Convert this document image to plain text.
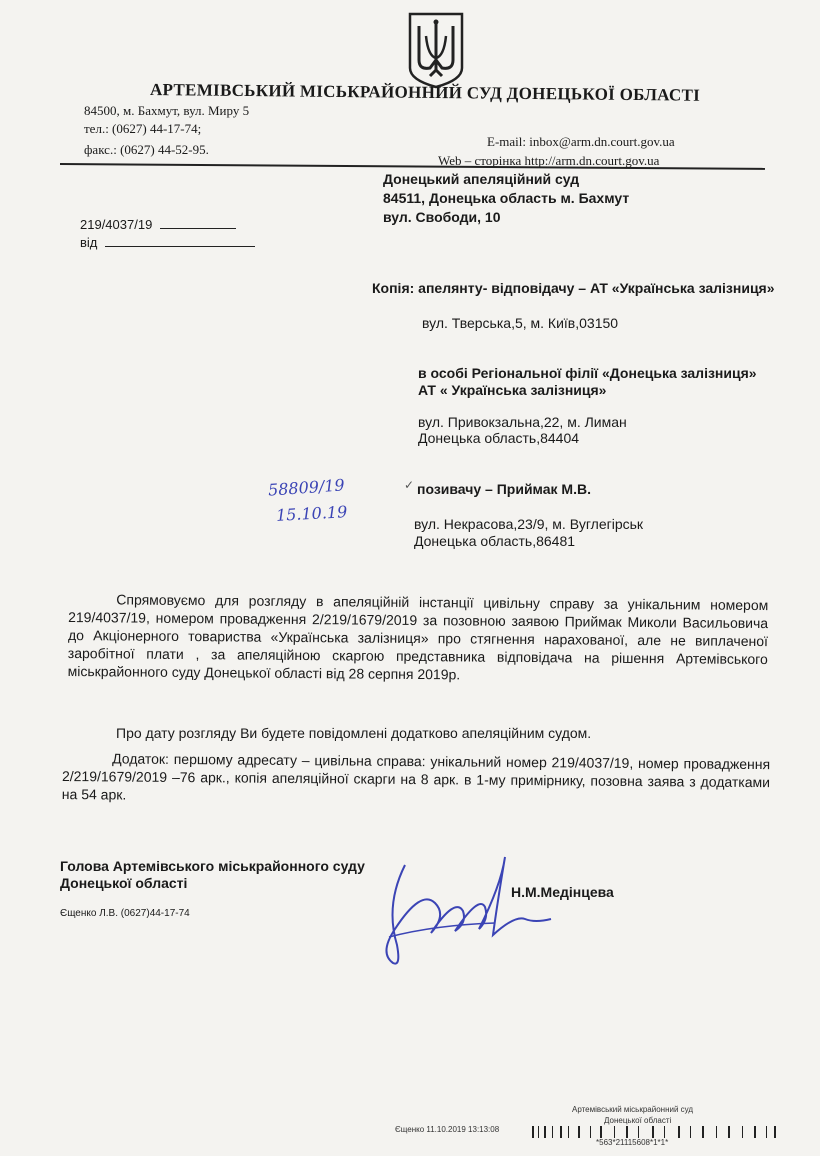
АРТЕМІВСЬКИЙ МІСЬКРАЙОННИЙ СУД ДОНЕЦЬКОЇ ОБЛАСТІ
84500, м. Бахмут, вул. Миру 5
тел.: (0627) 44-17-74;
факс.: (0627) 44-52-95.
E-mail: inbox@arm.dn.court.gov.ua
Web – сторінка http://arm.dn.court.gov.ua
Донецький апеляційний суд
84511, Донецька область м. Бахмут
вул. Свободи, 10
219/4037/19
від
Копія: апелянту- відповідачу – АТ «Українська залізниця»
вул. Тверська,5, м. Київ,03150
в особі Регіональної філії «Донецька залізниця»
АТ « Українська залізниця»
вул. Привокзальна,22, м. Лиман
Донецька область,84404
58809/19
15.10.19
✓ позивачу – Приймак М.В.
вул. Некрасова,23/9, м. Вуглегірськ
Донецька область,86481
Спрямовуємо для розгляду в апеляційній інстанції цивільну справу за унікальним номером 219/4037/19, номером провадження 2/219/1679/2019 за позовною заявою Приймак Миколи Васильовича до Акціонерного товариства «Українська залізниця» про стягнення нарахованої, але не виплаченої заробітної плати , за апеляційною скаргою представника відповідача на рішення Артемівського міськрайонного суду Донецької області від 28 серпня 2019р.
Про дату розгляду Ви будете повідомлені додатково апеляційним судом.
Додаток: першому адресату – цивільна справа: унікальний номер 219/4037/19, номер провадження 2/219/1679/2019 –76 арк., копія апеляційної скарги на 8 арк. в 1-му примірнику, позовна заява з додатками на 54 арк.
Голова Артемівського міськрайонного суду
Донецької області
Н.М.Медінцева
Єщенко Л.В. (0627)44-17-74
Артемівський міськрайонний суд
Донецької області
Єщенко 11.10.2019 13:13:08
*563*21115608*1*1*
